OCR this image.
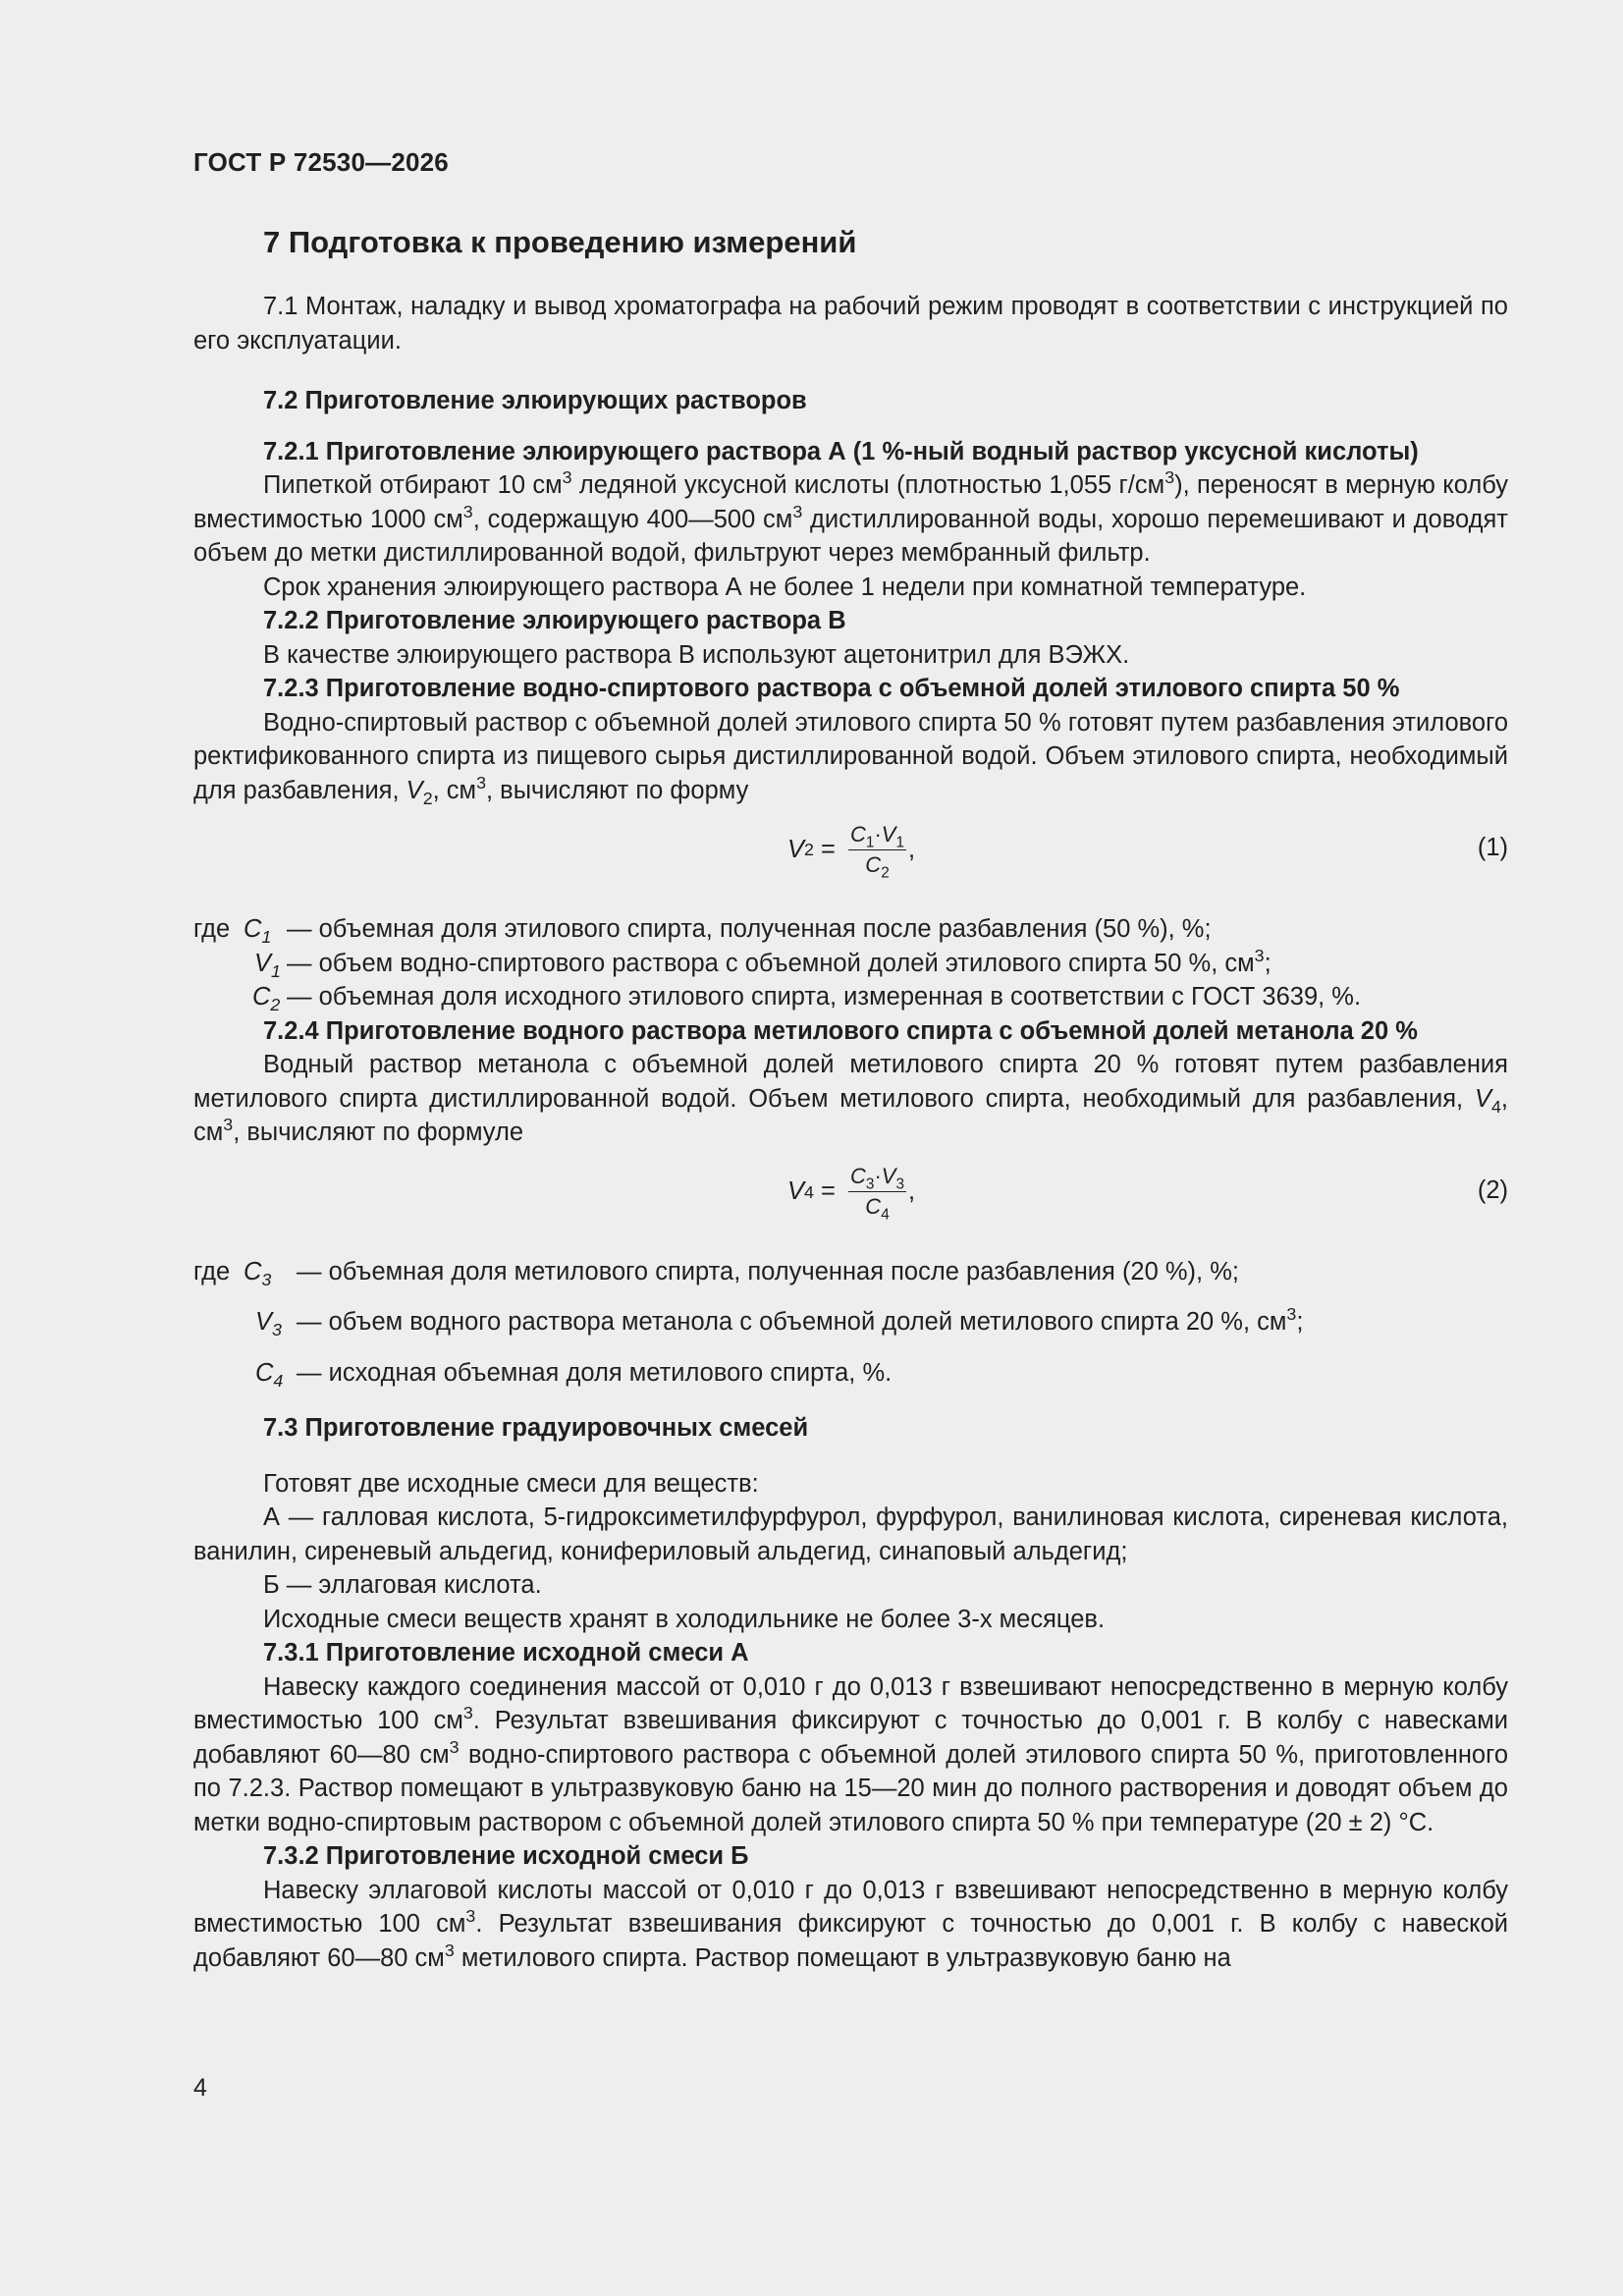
ГОСТ Р 72530—2026

7 Подготовка к проведению измерений

7.1 Монтаж, наладку и вывод хроматографа на рабочий режим проводят в соответствии с инструкцией по его эксплуатации.

7.2 Приготовление элюирующих растворов

7.2.1 Приготовление элюирующего раствора А (1 %-ный водный раствор уксусной кислоты)

Пипеткой отбирают 10 $см^3$ ледяной уксусной кислоты (плотностью 1,055 $г/см^3$), переносят в мерную колбу вместимостью 1000 $см^3$, содержащую 400—500 $см^3$ дистиллированной воды, хорошо перемешивают и доводят объем до метки дистиллированной водой, фильтруют через мембранный фильтр.

Срок хранения элюирующего раствора А не более 1 недели при комнатной температуре.

7.2.2 Приготовление элюирующего раствора В

В качестве элюирующего раствора В используют ацетонитрил для ВЭЖХ.

7.2.3 Приготовление водно-спиртового раствора с объемной долей этилового спирта 50 %

Водно-спиртовый раствор с объемной долей этилового спирта 50 % готовят путем разбавления этилового ректификованного спирта из пищевого сырья дистиллированной водой. Объем этилового спирта, необходимый для разбавления, $V_2$, $см^3$, вычисляют по форму

V $2 = \frac{C_1\cdot V_1}{C_2}$ ,	(1)
где $C_1$ — объемная доля этилового спирта, полученная после разбавления (50 %), %;
$V_1$ — объем водно-спиртового раствора с объемной долей этилового спирта 50 %, $см^3$;
$C_2$ — объемная доля исходного этилового спирта, измеренная в соответствии с ГОСТ 3639, %.

7.2.4 Приготовление водного раствора метилового спирта с объемной долей метанола 20 %

Водный раствор метанола с объемной долей метилового спирта 20 % готовят путем разбавления метилового спирта дистиллированной водой. Объем метилового спирта, необходимый для разбавления, $V_4$, $см^3$, вычисляют по формуле

V $4 = \frac{C_3\cdot V_3}{C_4}$ ,	(2)
где $C_3$ — объемная доля метилового спирта, полученная после разбавления (20 %), %;
$V_3$ — объем водного раствора метанола с объемной долей метилового спирта 20 %, $см^3$;
$C_4$ — исходная объемная доля метилового спирта, %.

7.3 Приготовление градуировочных смесей

Готовят две исходные смеси для веществ:

А — галловая кислота, 5-гидроксиметилфурфурол, фурфурол, ванилиновая кислота, сиреневая кислота, ванилин, сиреневый альдегид, конифериловый альдегид, синаповый альдегид;

Б — эллаговая кислота.

Исходные смеси веществ хранят в холодильнике не более 3-х месяцев.

7.3.1 Приготовление исходной смеси А

Навеску каждого соединения массой от 0,010 г до 0,013 г взвешивают непосредственно в мерную колбу вместимостью 100 $см^3$. Результат взвешивания фиксируют с точностью до 0,001 г. В колбу с навесками добавляют 60—80 $см^3$ водно-спиртового раствора с объемной долей этилового спирта 50 %, приготовленного по 7.2.3. Раствор помещают в ультразвуковую баню на 15—20 мин до полного растворения и доводят объем до метки водно-спиртовым раствором с объемной долей этилового спирта 50 % при температуре (20 ± 2) °С.

7.3.2 Приготовление исходной смеси Б

Навеску эллаговой кислоты массой от 0,010 г до 0,013 г взвешивают непосредственно в мерную колбу вместимостью 100 $см^3$. Результат взвешивания фиксируют с точностью до 0,001 г. В колбу с навеской добавляют 60—80 $см^3$ метилового спирта. Раствор помещают в ультразвуковую баню на

4
